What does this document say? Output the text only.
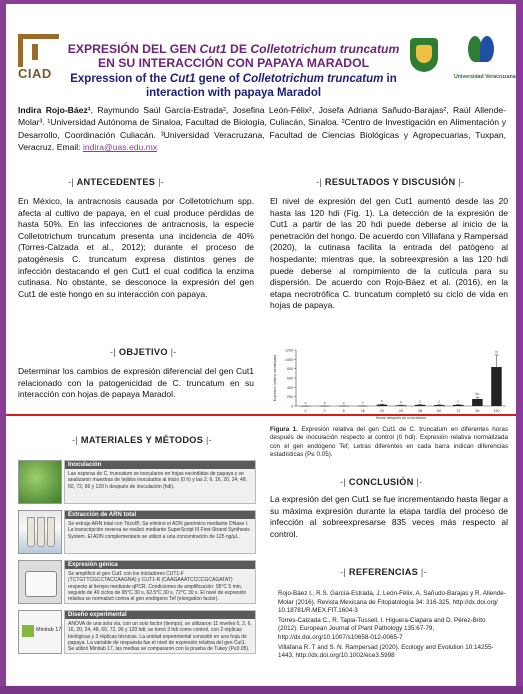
CIAD
EXPRESIÓN DEL GEN Cut1 DE Colletotrichum truncatum
EN SU INTERACCIÓN CON PAPAYA MARADOL
Expression of the Cut1 gene of Colletotrichum truncatum in
interaction with papaya Maradol
Universidad Veracruzana
Indira Rojo-Báez¹, Raymundo Saúl García-Estrada², Josefina León-Félix², Josefa Adriana Sañudo-Barajas², Raúl Allende-Molar³. ¹Universidad Autónoma de Sinaloa, Facultad de Biología, Culiacán, Sinaloa. ²Centro de Investigación en Alimentación y Desarrollo, Coordinación Culiacán. ³Universidad Veracruzana, Facultad de Ciencias Biológicas y Agropecuarias, Tuxpan, Veracruz. Email: indira@uas.edu.mx
-| ANTECEDENTES |-
En México, la antracnosis causada por Colletotrichum spp. afecta al cultivo de papaya, en el cual produce pérdidas de hasta 50%. En las infecciones de antracnosis, la especie Colletotrichum truncatum presenta una incidencia de 40% (Torres-Calzada et al., 2012); durante el proceso de patogénesis C. truncatum expresa distintos genes de infección destacando el gen Cut1 el cual codifica la enzima cutinasa. No obstante, se desconoce la expresión del gen Cut1 de este hongo en su interacción con papaya.
-| OBJETIVO |-
Determinar los cambios de expresión diferencial del gen Cut1 relacionado con la patogenicidad de C. truncatum en su interacción con hojas de papaya Maradol.
-| MATERIALES Y MÉTODOS |-
Minitab 17
Inoculación
Las esporas de C. truncatum se inocularon en hojas escindidas de papaya y se analizaron muestras de tejidos inoculados al inicio (0 h) y las 2, 6, 16, 20, 24, 48, 60, 72, 96 y 120 h después de inoculación (hdi).
Extracción de ARN total
Se extrajo ARN total con Trizol®. Se eliminó el ADN genómico mediante DNase I. La transcripción reversa se realizó mediante SuperScript III First-Strand Synthesis System. El ADN complementario se utilizó a una concentración de 125 ng/µL.
Expresión génica
Se amplificó el gen Cut1 con los iniciadores CUT1-F (TCTGTTCGCCTACCAAGNA) y CUT1-R (CAAGAAATCCCCGCAGATAT) respecto al tiempo mediante qPCR. Condiciones de amplificación: 95°C 5 min, seguido de 40 ciclos de 95°C 30 s, 62.5°C 30 s, 72°C 30 s. El nivel de expresión relativa se normalizó contra el gen endógeno Tef (elongation factor).
Diseño experimental
ANOVA de una sola vía, con un solo factor (tiempo), se utilizaron 11 niveles 0, 2, 6, 16, 20, 24, 48, 60, 72, 96 y 120 hdi; se tomó 3 hdi como control, con 2 réplicas biológicas y 3 réplicas técnicas. La unidad experimental consistió en una hoja de papaya. La variable de respuesta fue el nivel de expresión relativa del gen Cut1. Se utilizó Minitab 17, las medias se compararon con la prueba de Tukey (P≤0.05).
-| RESULTADOS Y DISCUSIÓN |-
El nivel de expresión del gen Cut1 aumentó desde las 20 hasta las 120 hdi (Fig. 1). La detección de la expresión de Cut1 a partir de las 20 hdi puede deberse al inicio de la penetración del hongo. De acuerdo con Villafana y Rampersad (2020), la cutinasa facilita la entrada del patógeno al hospedante; mientras que, la sobreexpresión a las 120 hdi puede deberse al rompimiento de la cutícula para su dispersión. De acuerdo con Rojo-Báez et al. (2016), en la etapa necrotrófica C. truncatum completó su ciclo de vida en hojas de papaya.
0
200
400
600
800
1000
1200
Expresión relativa normalizada
c
0
c
2
c
6
c
16
c
20
c
24
c
48
c
60
c
72
bc
96
b
120
Horas después de inoculación
Figura 1. Expresión relativa del gen Cut1 de C. truncatum en diferentes horas después de inoculación respecto al control (0 hdi). Expresión relativa normalizada con el gen endógeno Tef; Letras diferentes en cada barra indican diferencias estadísticas (P≤ 0.05).
-| CONCLUSIÓN |-
La expresión del gen Cut1 se fue incrementando hasta llegar a su máxima expresión durante la etapa tardía del proceso de infección al sobreexpresarse 835 veces más respecto al control.
-| REFERENCIAS |-

Rojo-Báez I., R.S. García-Estrada, J. León-Félix, A. Sañudo-Barajas y R. Allende-Molar (2016). Revista Mexicana de Fitopatología 34: 316-325, http://dx.doi.org/ 10.18781/R.MEX.FIT.1604-3

Torres-Calzada C., R. Tapia-Tussell, I. Higuera-Ciapara and D. Pérez-Brito (2012). European Journal of Plant Pathology 135:67-79, http://dx.doi.org/10.1007/s10658-012-0065-7

Villafana R. T and S. N. Rampersad (2020). Ecology and Evolution 10:14255-1443, http://dx.doi.org/10.1002/ece3.5998
